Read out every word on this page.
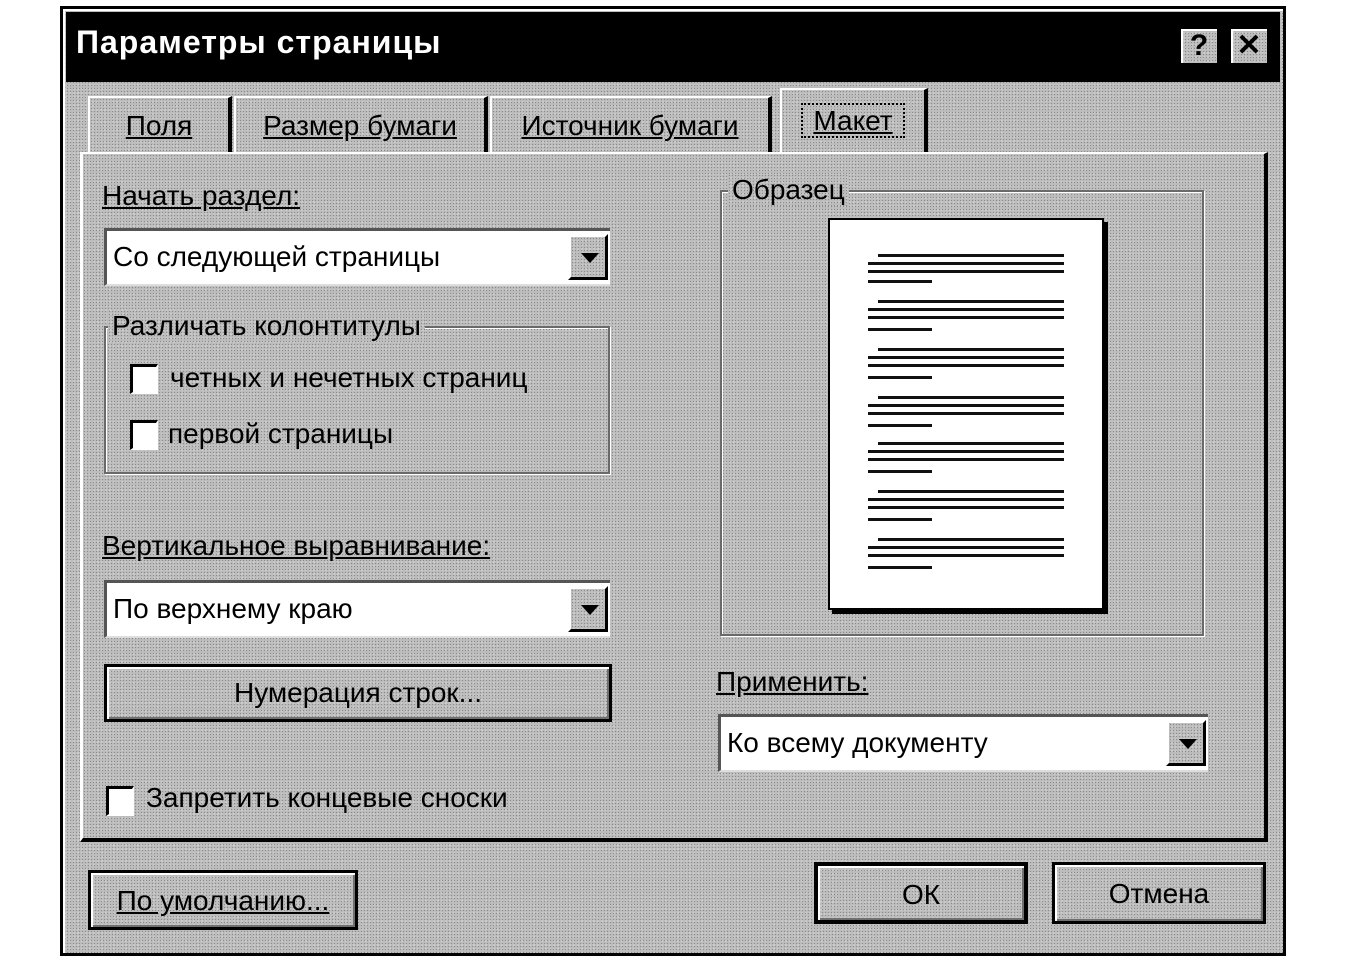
Параметры страницы	? ✕
Поля	Размер бумаги	Источник бумаги	Макет
Начать раздел:
Со следующей страницы
Различать колонтитулы
четных и нечетных страниц
первой страницы
Вертикальное выравнивание:
По верхнему краю
Нумерация строк...
Запретить концевые сноски
Образец
Применить:
Ко всему документу
По умолчанию...	ОК	Отмена
